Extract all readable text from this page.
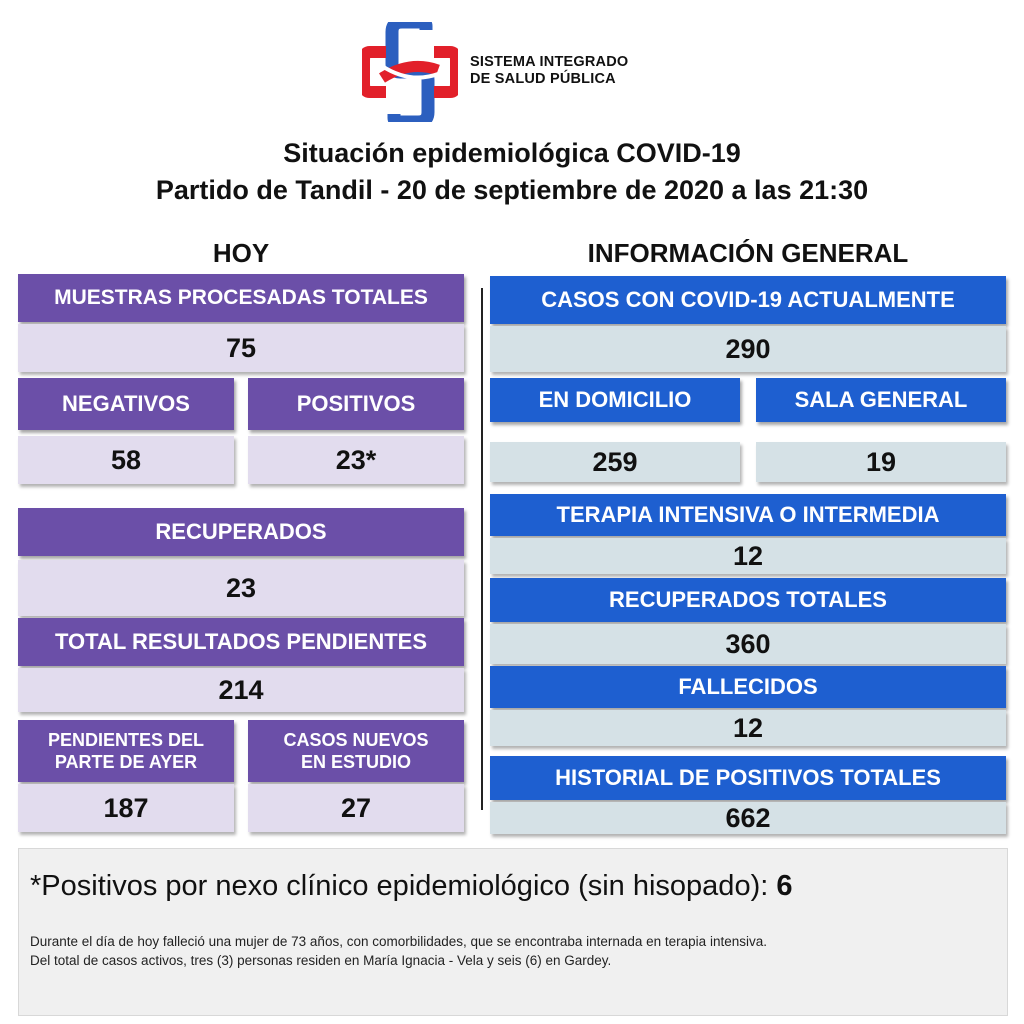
SISTEMA INTEGRADO
DE SALUD PÚBLICA
Situación epidemiológica COVID-19
Partido de Tandil - 20 de septiembre de 2020 a las 21:30
HOY	INFORMACIÓN GENERAL
MUESTRAS PROCESADAS TOTALES
75
NEGATIVOS	POSITIVOS
58	23*
RECUPERADOS
23
TOTAL RESULTADOS PENDIENTES
214
PENDIENTES DEL
PARTE DE AYER
CASOS NUEVOS
EN ESTUDIO
187	27
CASOS CON COVID-19 ACTUALMENTE
290
EN DOMICILIO	SALA GENERAL
259	19
TERAPIA INTENSIVA O INTERMEDIA
12
RECUPERADOS TOTALES
360
FALLECIDOS
12
HISTORIAL DE POSITIVOS TOTALES
662
*Positivos por nexo clínico epidemiológico (sin hisopado): 6
Durante el día de hoy falleció una mujer de 73 años, con comorbilidades, que se encontraba internada en terapia intensiva.
Del total de casos activos, tres (3) personas residen en María Ignacia - Vela y seis (6) en Gardey.
